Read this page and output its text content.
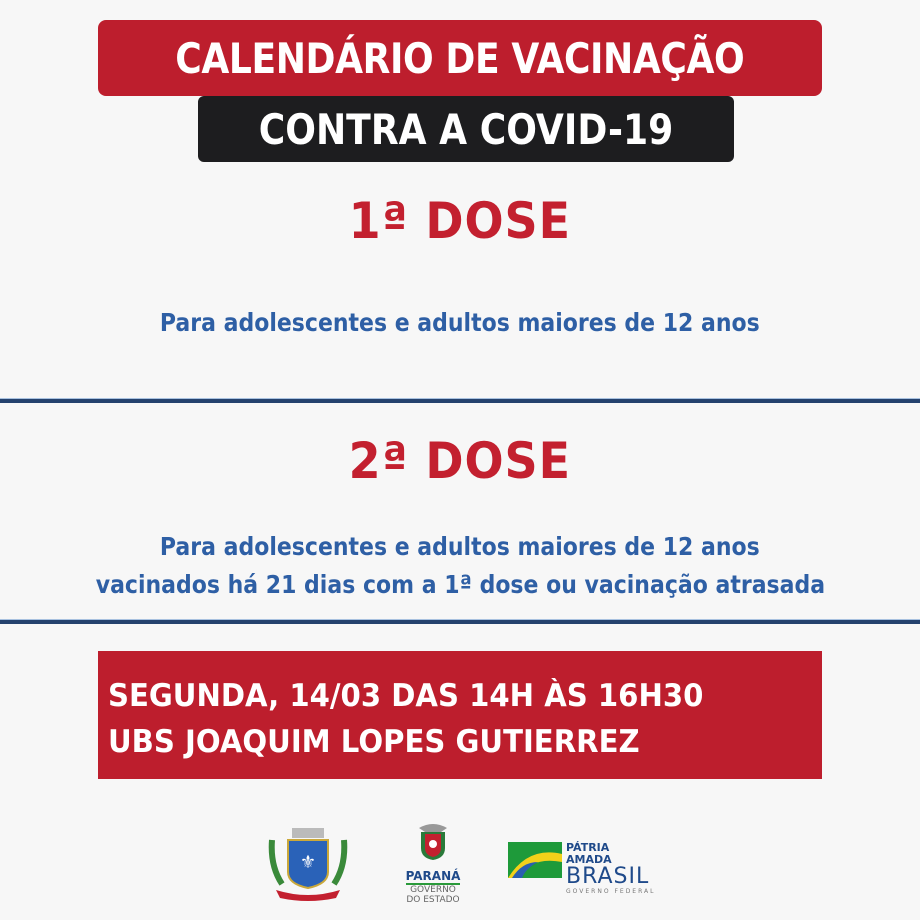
CALENDÁRIO DE VACINAÇÃO
CONTRA A COVID-19
1ª DOSE
Para adolescentes e adultos maiores de 12 anos
2ª DOSE
Para adolescentes e adultos maiores de 12 anos
vacinados há 21 dias com a 1ª dose ou vacinação atrasada
SEGUNDA, 14/03 DAS 14H ÀS 16H30
UBS JOAQUIM LOPES GUTIERREZ
⚜
PARANÁ
GOVERNO
DO ESTADO
PÁTRIA AMADA
BRASIL
GOVERNO FEDERAL
